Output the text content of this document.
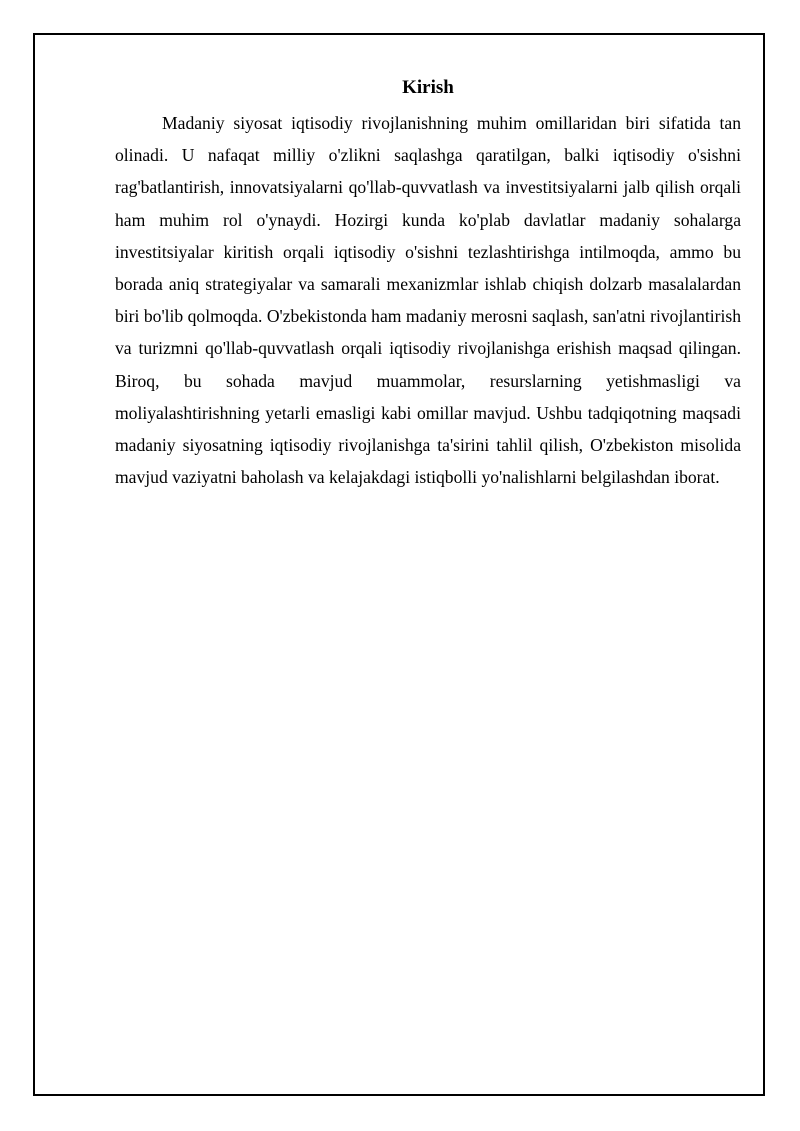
Kirish

Madaniy siyosat iqtisodiy rivojlanishning muhim omillaridan biri sifatida tan olinadi. U nafaqat milliy o'zlikni saqlashga qaratilgan, balki iqtisodiy o'sishni rag'batlantirish, innovatsiyalarni qo'llab-quvvatlash va investitsiyalarni jalb qilish orqali ham muhim rol o'ynaydi. Hozirgi kunda ko'plab davlatlar madaniy sohalarga investitsiyalar kiritish orqali iqtisodiy o'sishni tezlashtirishga intilmoqda, ammo bu borada aniq strategiyalar va samarali mexanizmlar ishlab chiqish dolzarb masalalardan biri bo'lib qolmoqda. O'zbekistonda ham madaniy merosni saqlash, san'atni rivojlantirish va turizmni qo'llab-quvvatlash orqali iqtisodiy rivojlanishga erishish maqsad qilingan. Biroq, bu sohada mavjud muammolar, resurslarning yetishmasligi va moliyalashtirishning yetarli emasligi kabi omillar mavjud. Ushbu tadqiqotning maqsadi madaniy siyosatning iqtisodiy rivojlanishga ta'sirini tahlil qilish, O'zbekiston misolida mavjud vaziyatni baholash va kelajakdagi istiqbolli yo'nalishlarni belgilashdan iborat.
